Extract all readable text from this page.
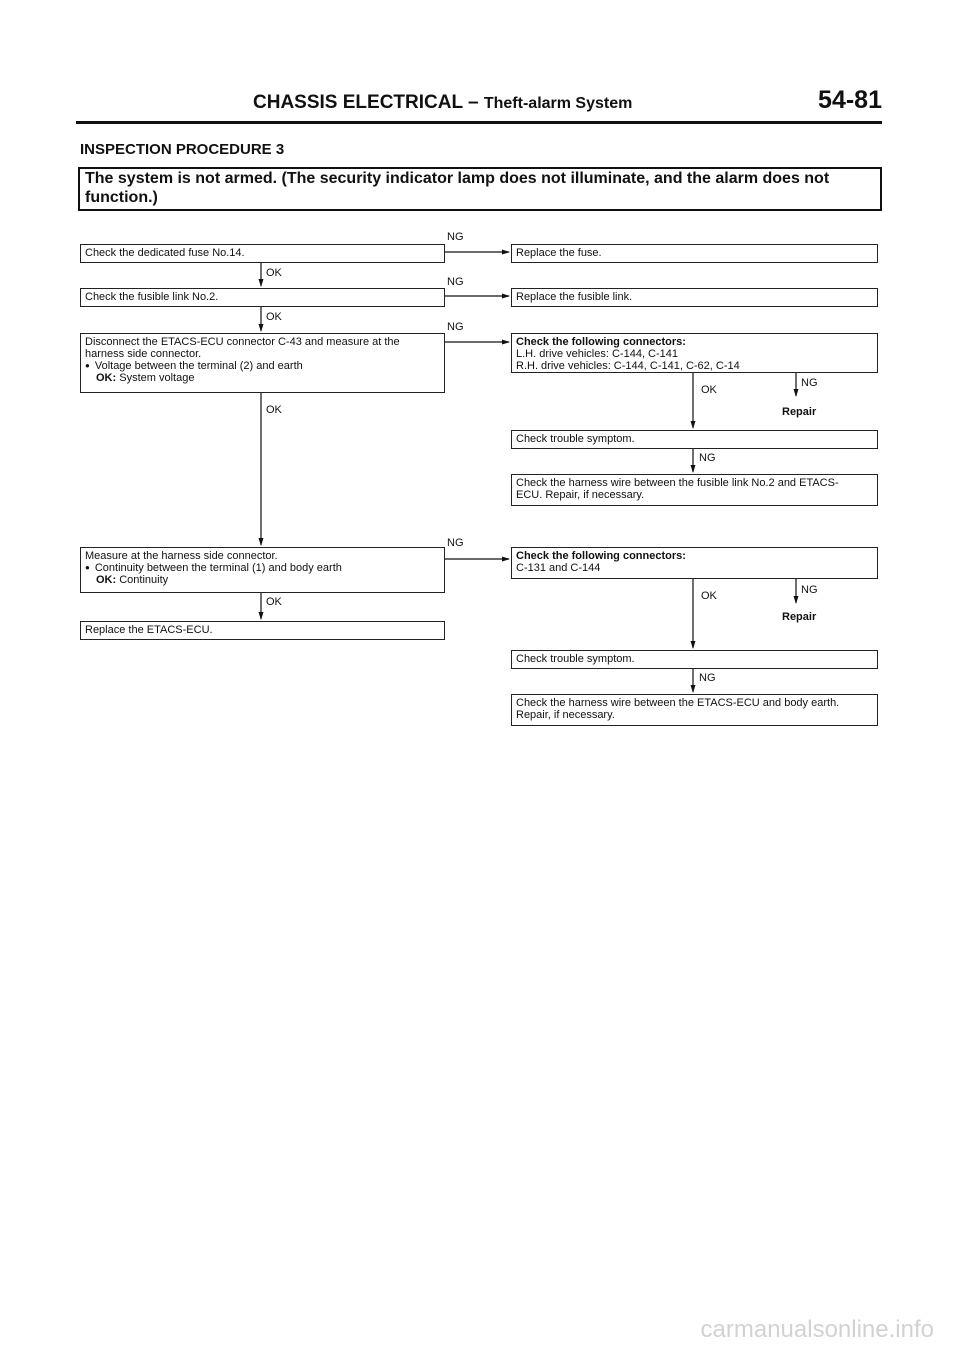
CHASSIS ELECTRICAL – Theft-alarm System	54-81
INSPECTION PROCEDURE 3
The system is not armed. (The security indicator lamp does not illuminate, and the alarm does not
function.)
Check the dedicated fuse No.14.
Check the fusible link No.2.
Disconnect the ETACS-ECU connector C-43 and measure at the
harness side connector.
● Voltage between the terminal (2) and earth
OK: System voltage
Measure at the harness side connector.
● Continuity between the terminal (1) and body earth
OK: Continuity
Replace the ETACS-ECU.
Replace the fuse.
Replace the fusible link.
Check the following connectors:
L.H. drive vehicles: C-144, C-141
R.H. drive vehicles: C-144, C-141, C-62, C-14
Check trouble symptom.
Check the harness wire between the fusible link No.2 and ETACS-
ECU. Repair, if necessary.
Check the following connectors:
C-131 and C-144
Check trouble symptom.
Check the harness wire between the ETACS-ECU and body earth.
Repair, if necessary.
OK
OK
OK
OK
NG
NG
NG
NG
OK
NG
Repair
NG
OK	NG
Repair
NG
carmanualsonline.info
